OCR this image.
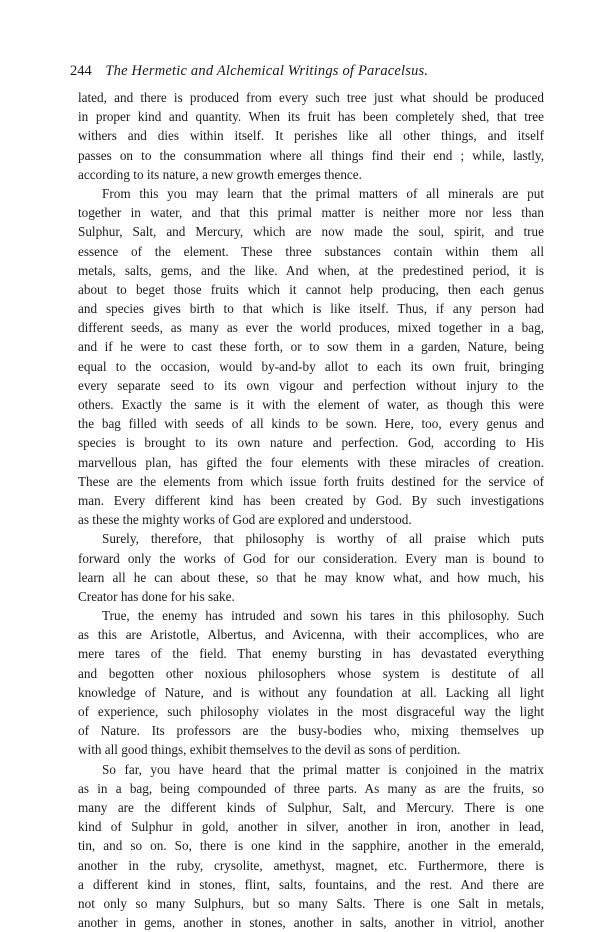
244 The Hermetic and Alchemical Writings of Paracelsus.
lated, and there is produced from every such tree just what should be produced
in proper kind and quantity. When its fruit has been completely shed, that tree
withers and dies within itself. It perishes like all other things, and itself
passes on to the consummation where all things find their end ; while, lastly,
according to its nature, a new growth emerges thence.
From this you may learn that the primal matters of all minerals are put
together in water, and that this primal matter is neither more nor less than
Sulphur, Salt, and Mercury, which are now made the soul, spirit, and true
essence of the element. These three substances contain within them all
metals, salts, gems, and the like. And when, at the predestined period, it is
about to beget those fruits which it cannot help producing, then each genus
and species gives birth to that which is like itself. Thus, if any person had
different seeds, as many as ever the world produces, mixed together in a bag,
and if he were to cast these forth, or to sow them in a garden, Nature, being
equal to the occasion, would by-and-by allot to each its own fruit, bringing
every separate seed to its own vigour and perfection without injury to the
others. Exactly the same is it with the element of water, as though this were
the bag filled with seeds of all kinds to be sown. Here, too, every genus and
species is brought to its own nature and perfection. God, according to His
marvellous plan, has gifted the four elements with these miracles of creation.
These are the elements from which issue forth fruits destined for the service of
man. Every different kind has been created by God. By such investigations
as these the mighty works of God are explored and understood.
Surely, therefore, that philosophy is worthy of all praise which puts
forward only the works of God for our consideration. Every man is bound to
learn all he can about these, so that he may know what, and how much, his
Creator has done for his sake.
True, the enemy has intruded and sown his tares in this philosophy. Such
as this are Aristotle, Albertus, and Avicenna, with their accomplices, who are
mere tares of the field. That enemy bursting in has devastated everything
and begotten other noxious philosophers whose system is destitute of all
knowledge of Nature, and is without any foundation at all. Lacking all light
of experience, such philosophy violates in the most disgraceful way the light
of Nature. Its professors are the busy-bodies who, mixing themselves up
with all good things, exhibit themselves to the devil as sons of perdition.
So far, you have heard that the primal matter is conjoined in the matrix
as in a bag, being compounded of three parts. As many as are the fruits, so
many are the different kinds of Sulphur, Salt, and Mercury. There is one
kind of Sulphur in gold, another in silver, another in iron, another in lead,
tin, and so on. So, there is one kind in the sapphire, another in the emerald,
another in the ruby, crysolite, amethyst, magnet, etc. Furthermore, there is
a different kind in stones, flint, salts, fountains, and the rest. And there are
not only so many Sulphurs, but so many Salts. There is one Salt in metals,
another in gems, another in stones, another in salts, another in vitriol, another
